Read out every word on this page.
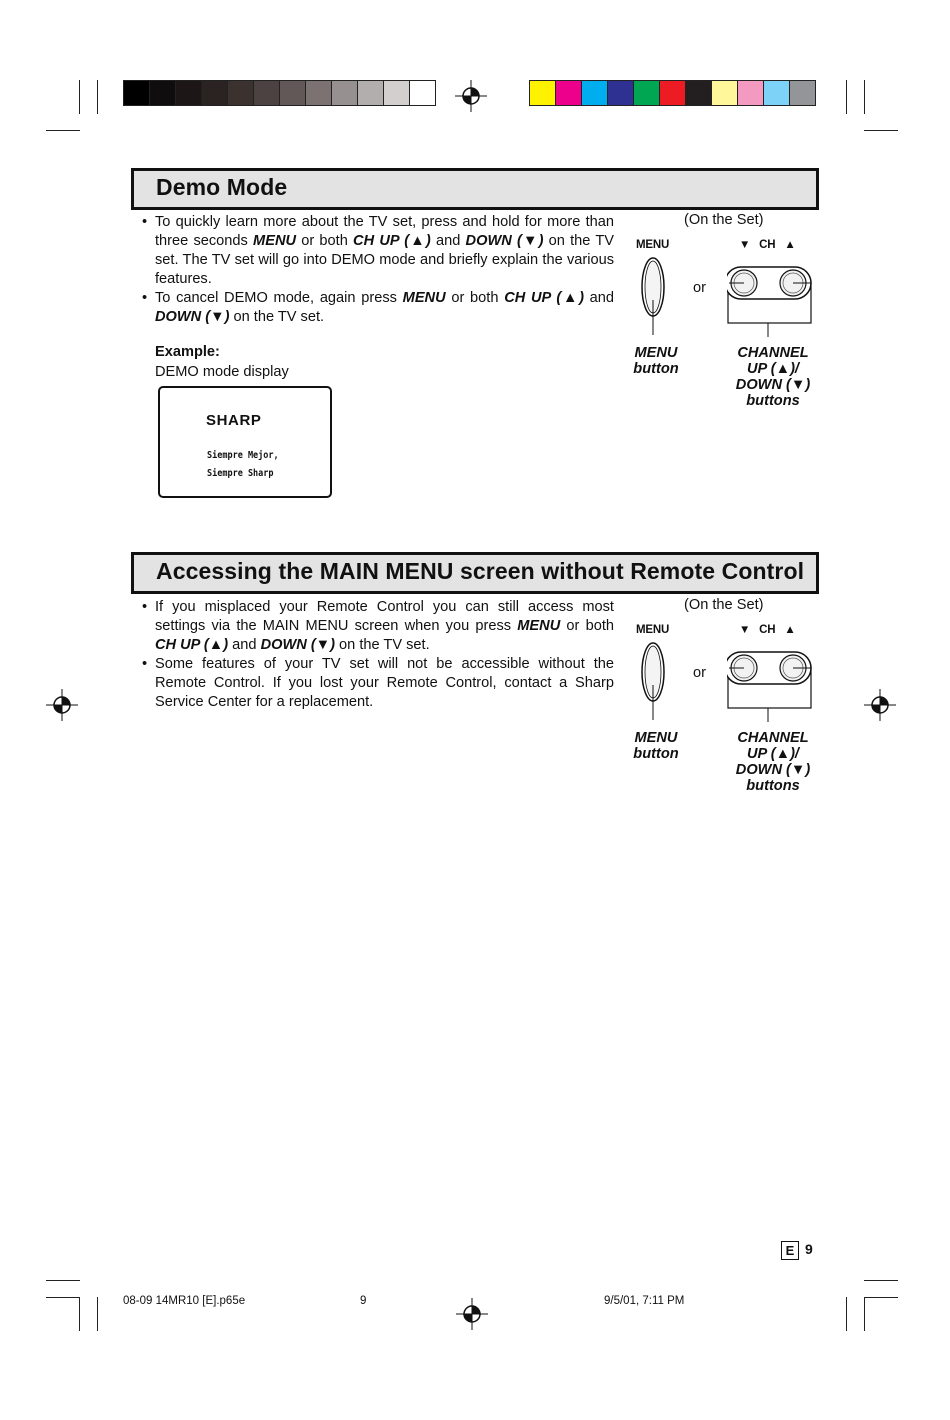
Demo Mode
• To quickly learn more about the TV set, press and hold for more than three seconds MENU or both CH UP (▲) and DOWN (▼) on the TV set. The TV set will go into DEMO mode and briefly explain the various features.
• To cancel DEMO mode, again press MENU or both CH UP (▲) and DOWN (▼) on the TV set.
Example:
DEMO mode display
SHARP
Siempre Mejor,
Siempre Sharp
(On the Set)
MENU	▼   CH   ▲
or
MENU
button
CHANNEL
UP (▲)/
DOWN (▼)
buttons
Accessing the MAIN MENU screen without Remote Control
• If you misplaced your Remote Control you can still access most settings via the MAIN MENU screen when you press MENU or both CH UP (▲) and DOWN (▼) on the TV set.
• Some features of your TV set will not be accessible without the Remote Control. If you lost your Remote Control, contact a Sharp Service Center for a replacement.
(On the Set)
MENU	▼   CH   ▲
or
MENU
button
CHANNEL
UP (▲)/
DOWN (▼)
buttons
E 9
08-09 14MR10 [E].p65e	9	9/5/01, 7:11 PM
